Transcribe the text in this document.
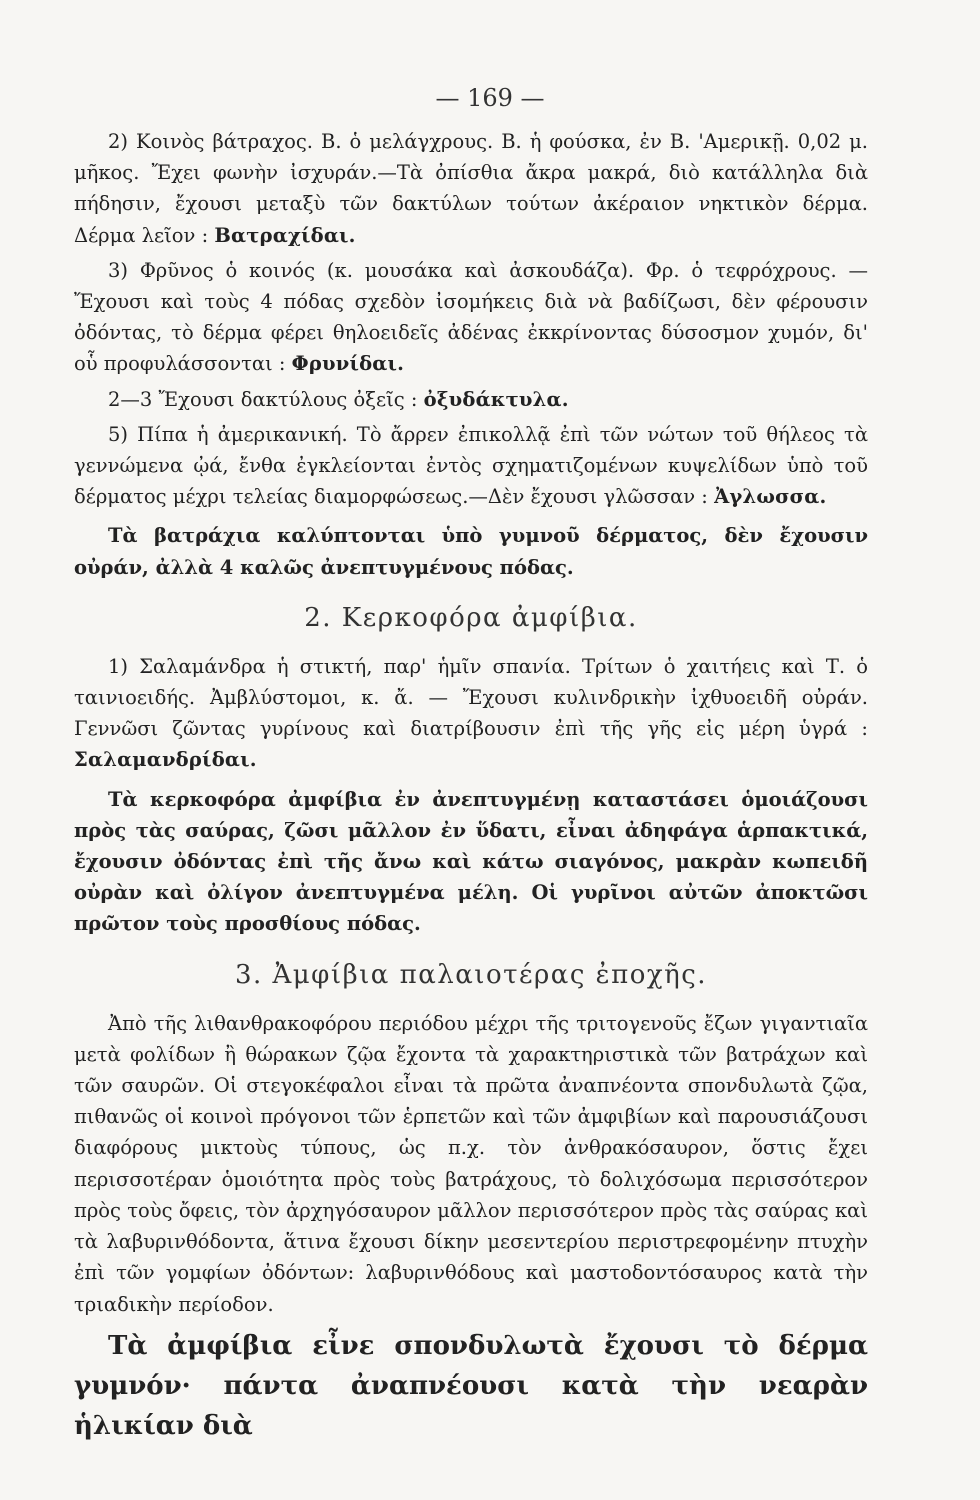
— 169 —

2) Κοινὸς βάτραχος. Β. ὁ μελάγχρους. Β. ἡ φούσκα, ἐν Β. 'Αμερικῇ. 0,02 μ. μῆκος. Ἔχει φωνὴν ἰσχυράν.—Τὰ ὀπίσθια ἄκρα μακρά, διὸ κατάλληλα διὰ πήδησιν, ἔχουσι μεταξὺ τῶν δακτύλων τούτων ἀκέραιον νηκτικὸν δέρμα. Δέρμα λεῖον : Βατραχίδαι.

3) Φρῦνος ὁ κοινός (κ. μουσάκα καὶ ἀσκουδάζα). Φρ. ὁ τεφρόχρους. —Ἔχουσι καὶ τοὺς 4 πόδας σχεδὸν ἰσομήκεις διὰ νὰ βαδίζωσι, δὲν φέρουσιν ὀδόντας, τὸ δέρμα φέρει θηλοειδεῖς ἀδένας ἐκκρίνοντας δύσοσμον χυμόν, δι' οὗ προφυλάσσονται : Φρυνίδαι.

2—3 Ἔχουσι δακτύλους ὀξεῖς : ὀξυδάκτυλα.

5) Πίπα ἡ ἀμερικανική. Τὸ ἄρρεν ἐπικολλᾷ ἐπὶ τῶν νώτων τοῦ θήλεος τὰ γεννώμενα ᾠά, ἔνθα ἐγκλείονται ἐντὸς σχηματιζομένων κυψελίδων ὑπὸ τοῦ δέρματος μέχρι τελείας διαμορφώσεως.—Δὲν ἔχουσι γλῶσσαν : Ἀγλωσσα.

Τὰ βατράχια καλύπτονται ὑπὸ γυμνοῦ δέρματος, δὲν ἔχουσιν οὐράν, ἀλλὰ 4 καλῶς ἀνεπτυγμένους πόδας.

2. Κερκοφόρα ἀμφίβια.

1) Σαλαμάνδρα ἡ στικτή, παρ' ἡμῖν σπανία. Τρίτων ὁ χαιτήεις καὶ Τ. ὁ ταινιοειδής. Ἀμβλύστομοι, κ. ἄ. — Ἔχουσι κυλινδρικὴν ἰχθυοειδῆ οὐράν. Γεννῶσι ζῶντας γυρίνους καὶ διατρίβουσιν ἐπὶ τῆς γῆς εἰς μέρη ὑγρά : Σαλαμανδρίδαι.

Τὰ κερκοφόρα ἀμφίβια ἐν ἀνεπτυγμένῃ καταστάσει ὁμοιάζουσι πρὸς τὰς σαύρας, ζῶσι μᾶλλον ἐν ὕδατι, εἶναι ἀδηφάγα ἁρπακτικά, ἔχουσιν ὀδόντας ἐπὶ τῆς ἄνω καὶ κάτω σιαγόνος, μακρὰν κωπειδῆ οὐρὰν καὶ ὀλίγον ἀνεπτυγμένα μέλη. Οἱ γυρῖνοι αὐτῶν ἀποκτῶσι πρῶτον τοὺς προσθίους πόδας.

3. Ἀμφίβια παλαιοτέρας ἐποχῆς.

Ἀπὸ τῆς λιθανθρακοφόρου περιόδου μέχρι τῆς τριτογενοῦς ἔζων γιγαντιαῖα μετὰ φολίδων ἢ θώρακων ζῷα ἔχοντα τὰ χαρακτηριστικὰ τῶν βατράχων καὶ τῶν σαυρῶν. Οἱ στεγοκέφαλοι εἶναι τὰ πρῶτα ἀναπνέοντα σπονδυλωτὰ ζῷα, πιθανῶς οἱ κοινοὶ πρόγονοι τῶν ἑρπετῶν καὶ τῶν ἀμφιβίων καὶ παρουσιάζουσι διαφόρους μικτοὺς τύπους, ὡς π.χ. τὸν ἀνθρακόσαυρον, ὅστις ἔχει περισσοτέραν ὁμοιότητα πρὸς τοὺς βατράχους, τὸ δολιχόσωμα περισσότερον πρὸς τοὺς ὄφεις, τὸν ἀρχηγόσαυρον μᾶλλον περισσότερον πρὸς τὰς σαύρας καὶ τὰ λαβυρινθόδοντα, ἅτινα ἔχουσι δίκην μεσεντερίου περιστρεφομένην πτυχὴν ἐπὶ τῶν γομφίων ὀδόντων: λαβυρινθόδους καὶ μαστοδοντόσαυρος κατὰ τὴν τριαδικὴν περίοδον.

Τὰ ἀμφίβια εἶνε σπονδυλωτὰ ἔχουσι τὸ δέρμα γυμνόν· πάντα ἀναπνέουσι κατὰ τὴν νεαρὰν ἡλικίαν διὰ
